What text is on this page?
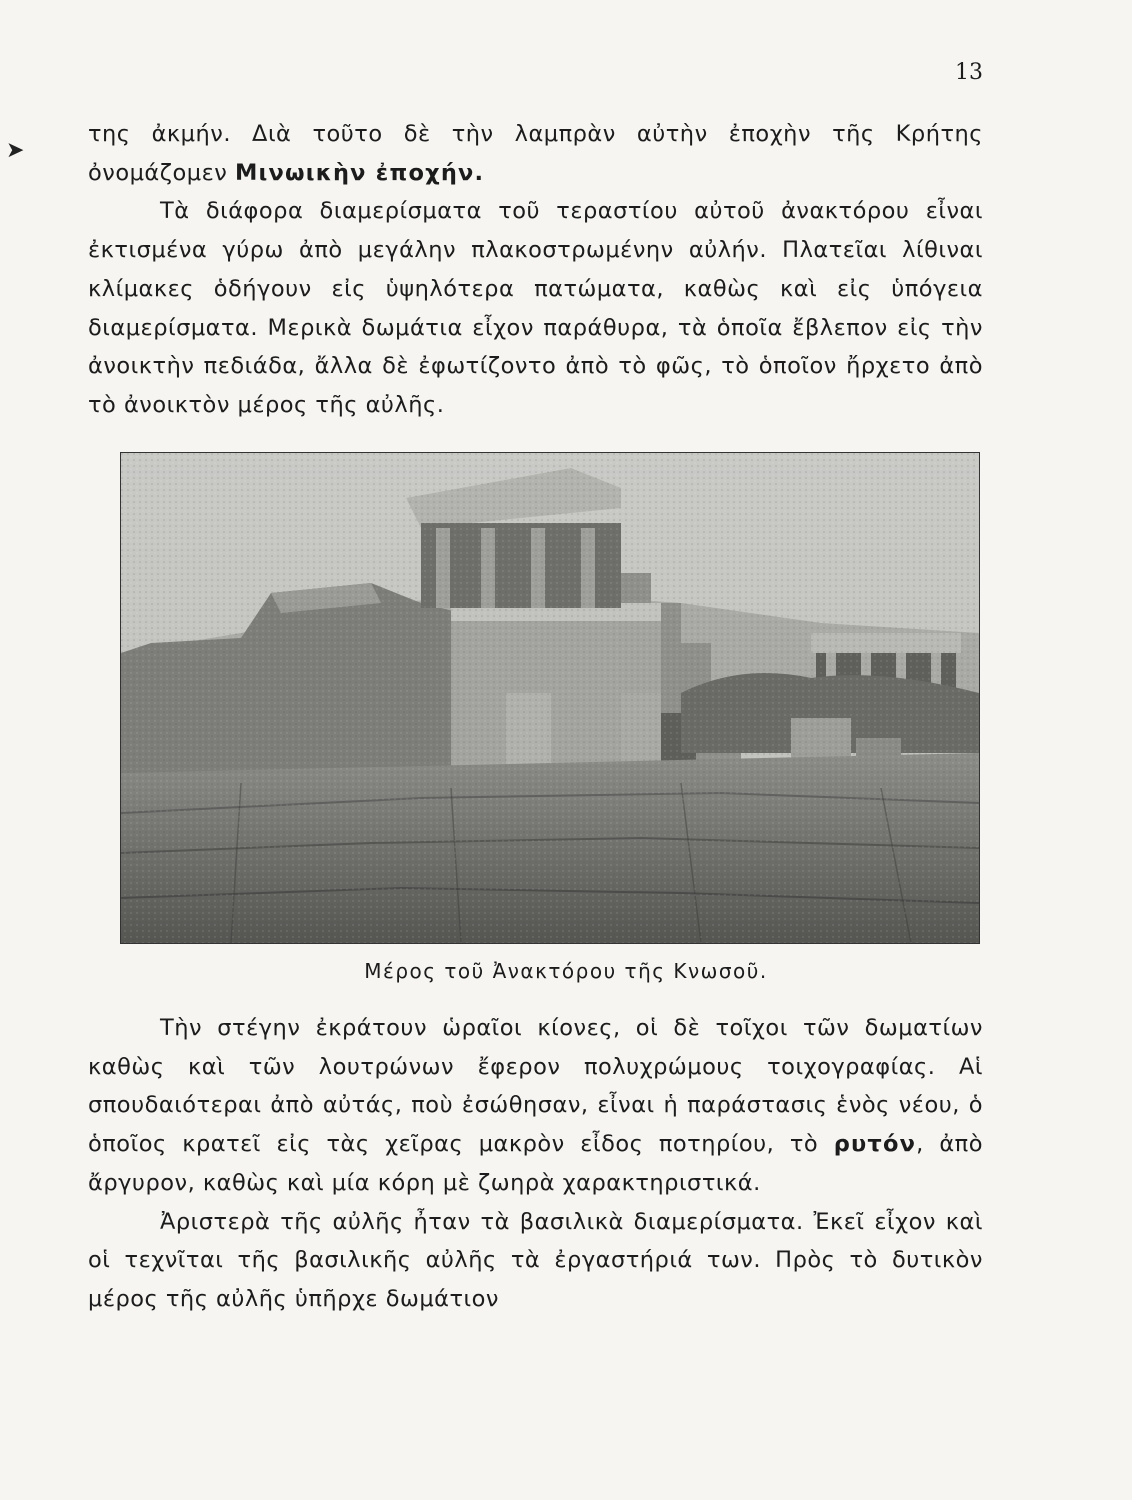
13
➤

της ἀκμήν. Διὰ τοῦτο δὲ τὴν λαμπρὰν αὐτὴν ἐποχὴν τῆς Κρήτης ὀνομάζομεν Μινωικὴν ἐποχήν.

Τὰ διάφορα διαμερίσματα τοῦ τεραστίου αὐτοῦ ἀνακτόρου εἶναι ἐκτισμένα γύρω ἀπὸ μεγάλην πλακοστρωμένην αὐλήν. Πλατεῖαι λίθιναι κλίμακες ὁδήγουν εἰς ὑψηλότερα πατώματα, καθὼς καὶ εἰς ὑπόγεια διαμερίσματα. Μερικὰ δωμάτια εἶχον παράθυρα, τὰ ὁποῖα ἔβλεπον εἰς τὴν ἀνοικτὴν πεδιάδα, ἄλλα δὲ ἐφωτίζοντο ἀπὸ τὸ φῶς, τὸ ὁποῖον ἤρχετο ἀπὸ τὸ ἀνοικτὸν μέρος τῆς αὐλῆς.

Μέρος τοῦ Ἀνακτόρου τῆς Κνωσοῦ.

Τὴν στέγην ἐκράτουν ὡραῖοι κίονες, οἱ δὲ τοῖχοι τῶν δωματίων καθὼς καὶ τῶν λουτρώνων ἔφερον πολυχρώμους τοιχογραφίας. Αἱ σπουδαιότεραι ἀπὸ αὐτάς, ποὺ ἐσώθησαν, εἶναι ἡ παράστασις ἑνὸς νέου, ὁ ὁποῖος κρατεῖ εἰς τὰς χεῖρας μακρὸν εἶδος ποτηρίου, τὸ ρυτόν, ἀπὸ ἄργυρον, καθὼς καὶ μία κόρη μὲ ζωηρὰ χαρακτηριστικά.

Ἀριστερὰ τῆς αὐλῆς ἦταν τὰ βασιλικὰ διαμερίσματα. Ἐκεῖ εἶχον καὶ οἱ τεχνῖται τῆς βασιλικῆς αὐλῆς τὰ ἐργαστήριά των. Πρὸς τὸ δυτικὸν μέρος τῆς αὐλῆς ὑπῆρχε δωμάτιον
